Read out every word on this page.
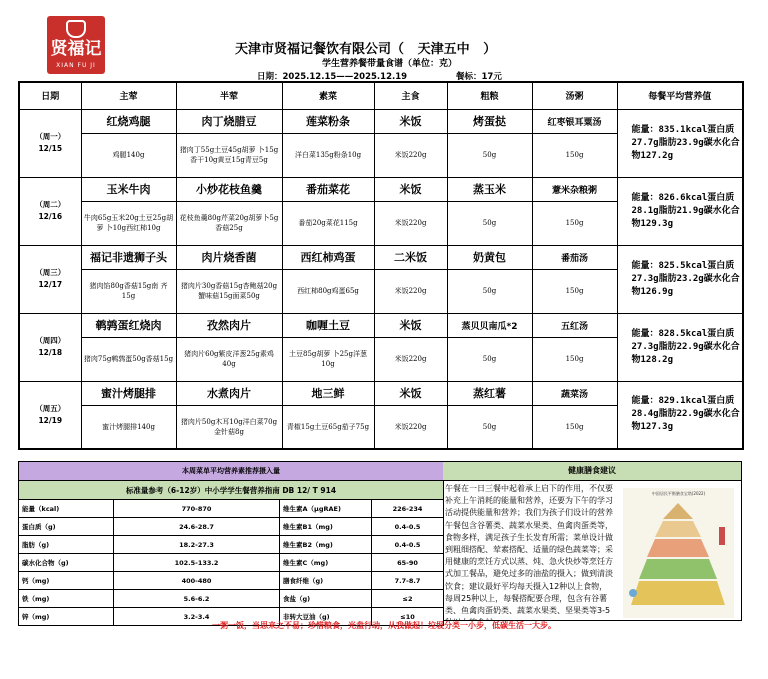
贤福记
XIAN FU JI
天津市贤福记餐饮有限公司（ 天津五中 ）
学生营养餐带量食谱（单位：克）
日期：2025.12.15——2025.12.19	餐标：17元
日期	主荤	半荤	素菜	主食	粗粮	汤粥	每餐平均营养值

（周一）
12/15	红烧鸡腿	肉丁烧腊豆	莲菜粉条	米饭	烤蛋挞	红枣银耳粟汤	能量：835.1kcal蛋白质27.7g脂肪23.9g碳水化合物127.2g
	鸡腿140g	猪肉丁55g土豆45g胡萝 卜15g香干10g黄豆15g青豆5g	洋白菜135g粉条10g	米饭220g	50g	150g	

（周二）
12/16	玉米牛肉	小炒花枝鱼羹	番茄菜花	米饭	蒸玉米	薏米杂粮粥	能量：826.6kcal蛋白质28.1g脂肪21.9g碳水化合物129.3g
	牛肉65g玉米20g土豆25g胡萝 卜10g西红柿10g	花枝鱼羹80g芹菜20g胡萝卜5g香菇25g	番茄20g菜花115g	米饭220g	50g	150g	

（周三）
12/17	福记非遗狮子头	肉片烧香菌	西红柿鸡蛋	二米饭	奶黄包	番茄汤	能量：825.5kcal蛋白质27.3g脂肪23.2g碳水化合物126.9g
	猪肉馅80g香菇15g南 齐15g	猪肉片30g香菇15g杏鲍菇20g蟹味菇15g面菜50g	西红柿80g鸡蛋65g	米饭220g	50g	150g	

（周四）
12/18	鹌鹑蛋红烧肉	孜然肉片	咖喱土豆	米饭	蒸贝贝南瓜*2	五红汤	能量：828.5kcal蛋白质27.3g脂肪22.9g碳水化合物128.2g
	猪肉75g鹌鹑蛋50g香菇15g	猪肉片60g紫皮洋葱25g素鸡40g	土豆85g胡萝 卜25g洋葱10g	米饭220g	50g	150g	

（周五）
12/19	蜜汁烤腿排	水煮肉片	地三鲜	米饭	蒸红薯	蔬菜汤	能量：829.1kcal蛋白质28.4g脂肪22.9g碳水化合物127.3g
	蜜汁烤腿排140g	猪肉片50g木耳10g洋白菜70g金针菇8g	青椒15g土豆65g茄子75g	米饭220g	50g	150g	
本周菜单平均营养素推荐摄入量			
标准量参考（6-12岁）中小学学生餐营养指南 DB 12/ T 914			
能量（kcal)	770-870	维生素A（μgRAE)	226-234
蛋白质（g)	24.6-28.7	维生素B1（mg)	0.4-0.5
脂肪（g)	18.2-27.3	维生素B2（mg)	0.4-0.5
碳水化合物（g)	102.5-133.2	维生素C（mg)	65-90
钙（mg)	400-480	膳食纤维（g)	7.7-8.7
铁（mg)	5.6-6.2	食盐（g)	≤2
锌（mg)	3.2-3.4	非转大豆油（g)	≤10
健康膳食建议
午餐在一日三餐中起着承上启下的作用，不仅要补充上午消耗的能量和营养，还要为下午的学习活动提供能量和营养；我们为孩子们设计的营养午餐包含谷薯类、蔬菜水果类、鱼禽肉蛋类等，食物多样，满足孩子生长发育所需；菜单设计做到粗细搭配、荤素搭配、适量的绿色蔬菜等；采用健康的烹饪方式以蒸、炖、急火快炒等烹饪方式加工餐品，避免过多的油盐的摄入；做到清淡饮食；建议最好平均每天摄入12种以上食物，每周25种以上，每餐搭配要合理，包含有谷薯类、鱼禽肉蛋奶类、蔬菜水果类、坚果类等3-5
中国居民平衡膳食宝塔(2022)
一粥一饭，当思来之不易；珍惜粮食，光盘行动，从我做起！垃圾分类一小步，低碳生活一大步。
